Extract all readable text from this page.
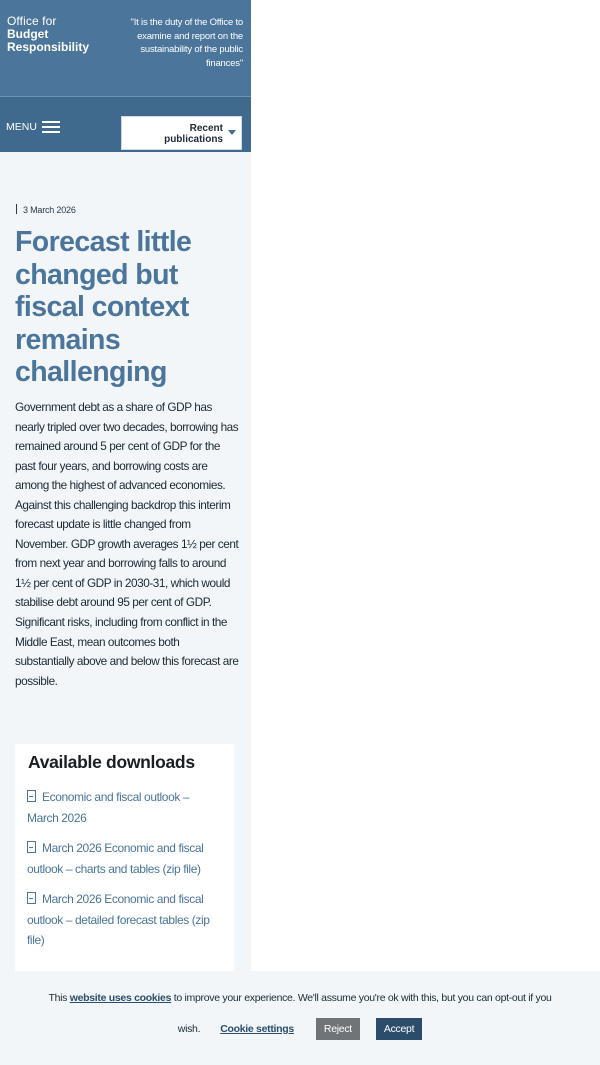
Office for
Budget
Responsibility
"It is the duty of the Office to examine and report on the sustainability of the public finances"
MENU	Recent
publications
3 March 2026
Forecast little changed but fiscal context remains challenging

Government debt as a share of GDP has nearly tripled over two decades, borrowing has remained around 5 per cent of GDP for the past four years, and borrowing costs are among the highest of advanced economies. Against this challenging backdrop this interim forecast update is little changed from November. GDP growth averages 1½ per cent from next year and borrowing falls to around 1½ per cent of GDP in 2030-31, which would stabilise debt around 95 per cent of GDP. Significant risks, including from conflict in the Middle East, mean outcomes both substantially above and below this forecast are possible.

Available downloads
Economic and fiscal outlook – March 2026
March 2026 Economic and fiscal outlook – charts and tables (zip file)
March 2026 Economic and fiscal outlook – detailed forecast tables (zip file)
This website uses cookies to improve your experience. We'll assume you're ok with this, but you can opt-out if you
wish. Cookie settings	Reject	Accept
